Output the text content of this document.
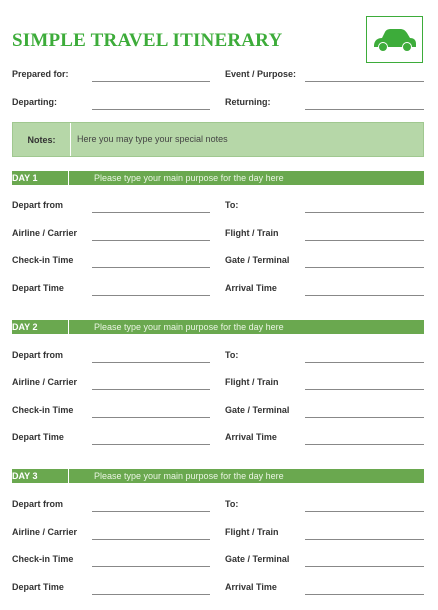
SIMPLE TRAVEL ITINERARY
Prepared for:	Event / Purpose:
Departing:	Returning:
Notes:	Here you may type your special notes
DAY 1	Please type your main purpose for the day here
Depart from	To:
Airline / Carrier	Flight / Train
Check-in Time	Gate / Terminal
Depart Time	Arrival Time
DAY 2	Please type your main purpose for the day here
Depart from	To:
Airline / Carrier	Flight / Train
Check-in Time	Gate / Terminal
Depart Time	Arrival Time
DAY 3	Please type your main purpose for the day here
Depart from	To:
Airline / Carrier	Flight / Train
Check-in Time	Gate / Terminal
Depart Time	Arrival Time
